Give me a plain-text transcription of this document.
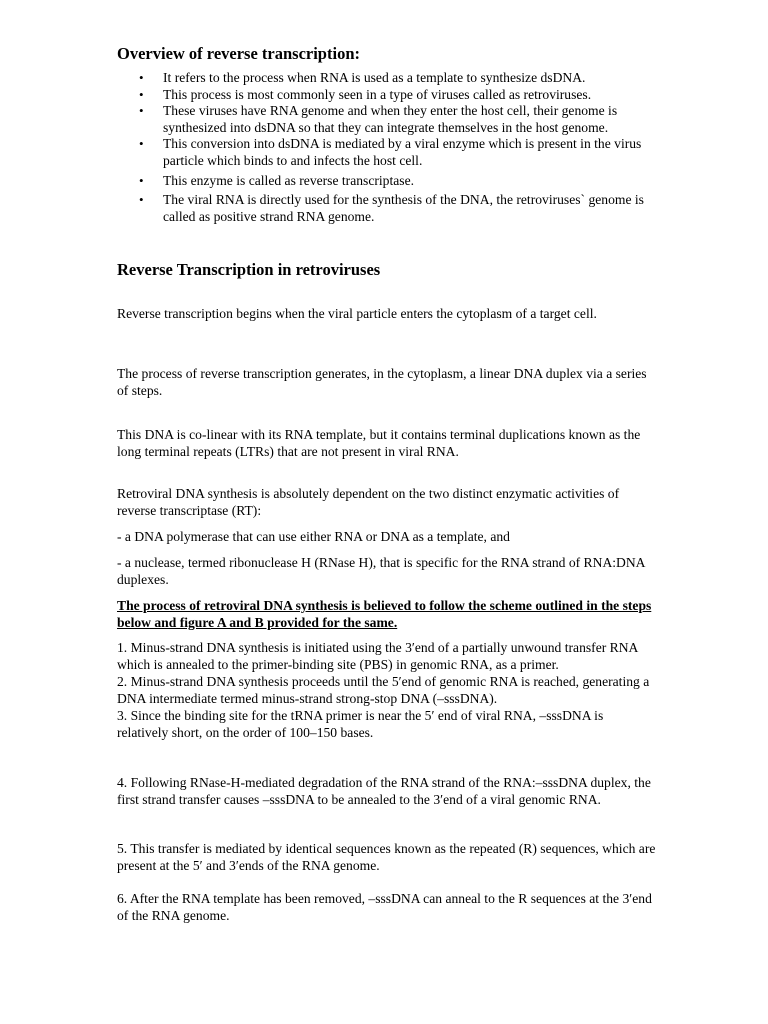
Overview of reverse transcription:
• It refers to the process when RNA is used as a template to synthesize dsDNA.
• This process is most commonly seen in a type of viruses called as retroviruses.
• These viruses have RNA genome and when they enter the host cell, their genome is synthesized into dsDNA so that they can integrate themselves in the host genome.
• This conversion into dsDNA is mediated by a viral enzyme which is present in the virus particle which binds to and infects the host cell.
• This enzyme is called as reverse transcriptase.
• The viral RNA is directly used for the synthesis of the DNA, the retroviruses` genome is called as positive strand RNA genome.
Reverse Transcription in retroviruses

Reverse transcription begins when the viral particle enters the cytoplasm of a target cell.

The process of reverse transcription generates, in the cytoplasm, a linear DNA duplex via a series of steps.

This DNA is co-linear with its RNA template, but it contains terminal duplications known as the long terminal repeats (LTRs) that are not present in viral RNA.

Retroviral DNA synthesis is absolutely dependent on the two distinct enzymatic activities of reverse transcriptase (RT):

- a DNA polymerase that can use either RNA or DNA as a template, and

- a nuclease, termed ribonuclease H (RNase H), that is specific for the RNA strand of RNA:DNA duplexes.

The process of retroviral DNA synthesis is believed to follow the scheme outlined in the steps below and figure A and B provided for the same.

1. Minus-strand DNA synthesis is initiated using the 3′end of a partially unwound transfer RNA which is annealed to the primer-binding site (PBS) in genomic RNA, as a primer.
2. Minus-strand DNA synthesis proceeds until the 5′end of genomic RNA is reached, generating a DNA intermediate termed minus-strand strong-stop DNA (–sssDNA).
3. Since the binding site for the tRNA primer is near the 5′ end of viral RNA, –sssDNA is relatively short, on the order of 100–150 bases.

4. Following RNase-H-mediated degradation of the RNA strand of the RNA:–sssDNA duplex, the first strand transfer causes –sssDNA to be annealed to the 3′end of a viral genomic RNA.

5. This transfer is mediated by identical sequences known as the repeated (R) sequences, which are present at the 5′ and 3′ends of the RNA genome.

6. After the RNA template has been removed, –sssDNA can anneal to the R sequences at the 3′end of the RNA genome.
